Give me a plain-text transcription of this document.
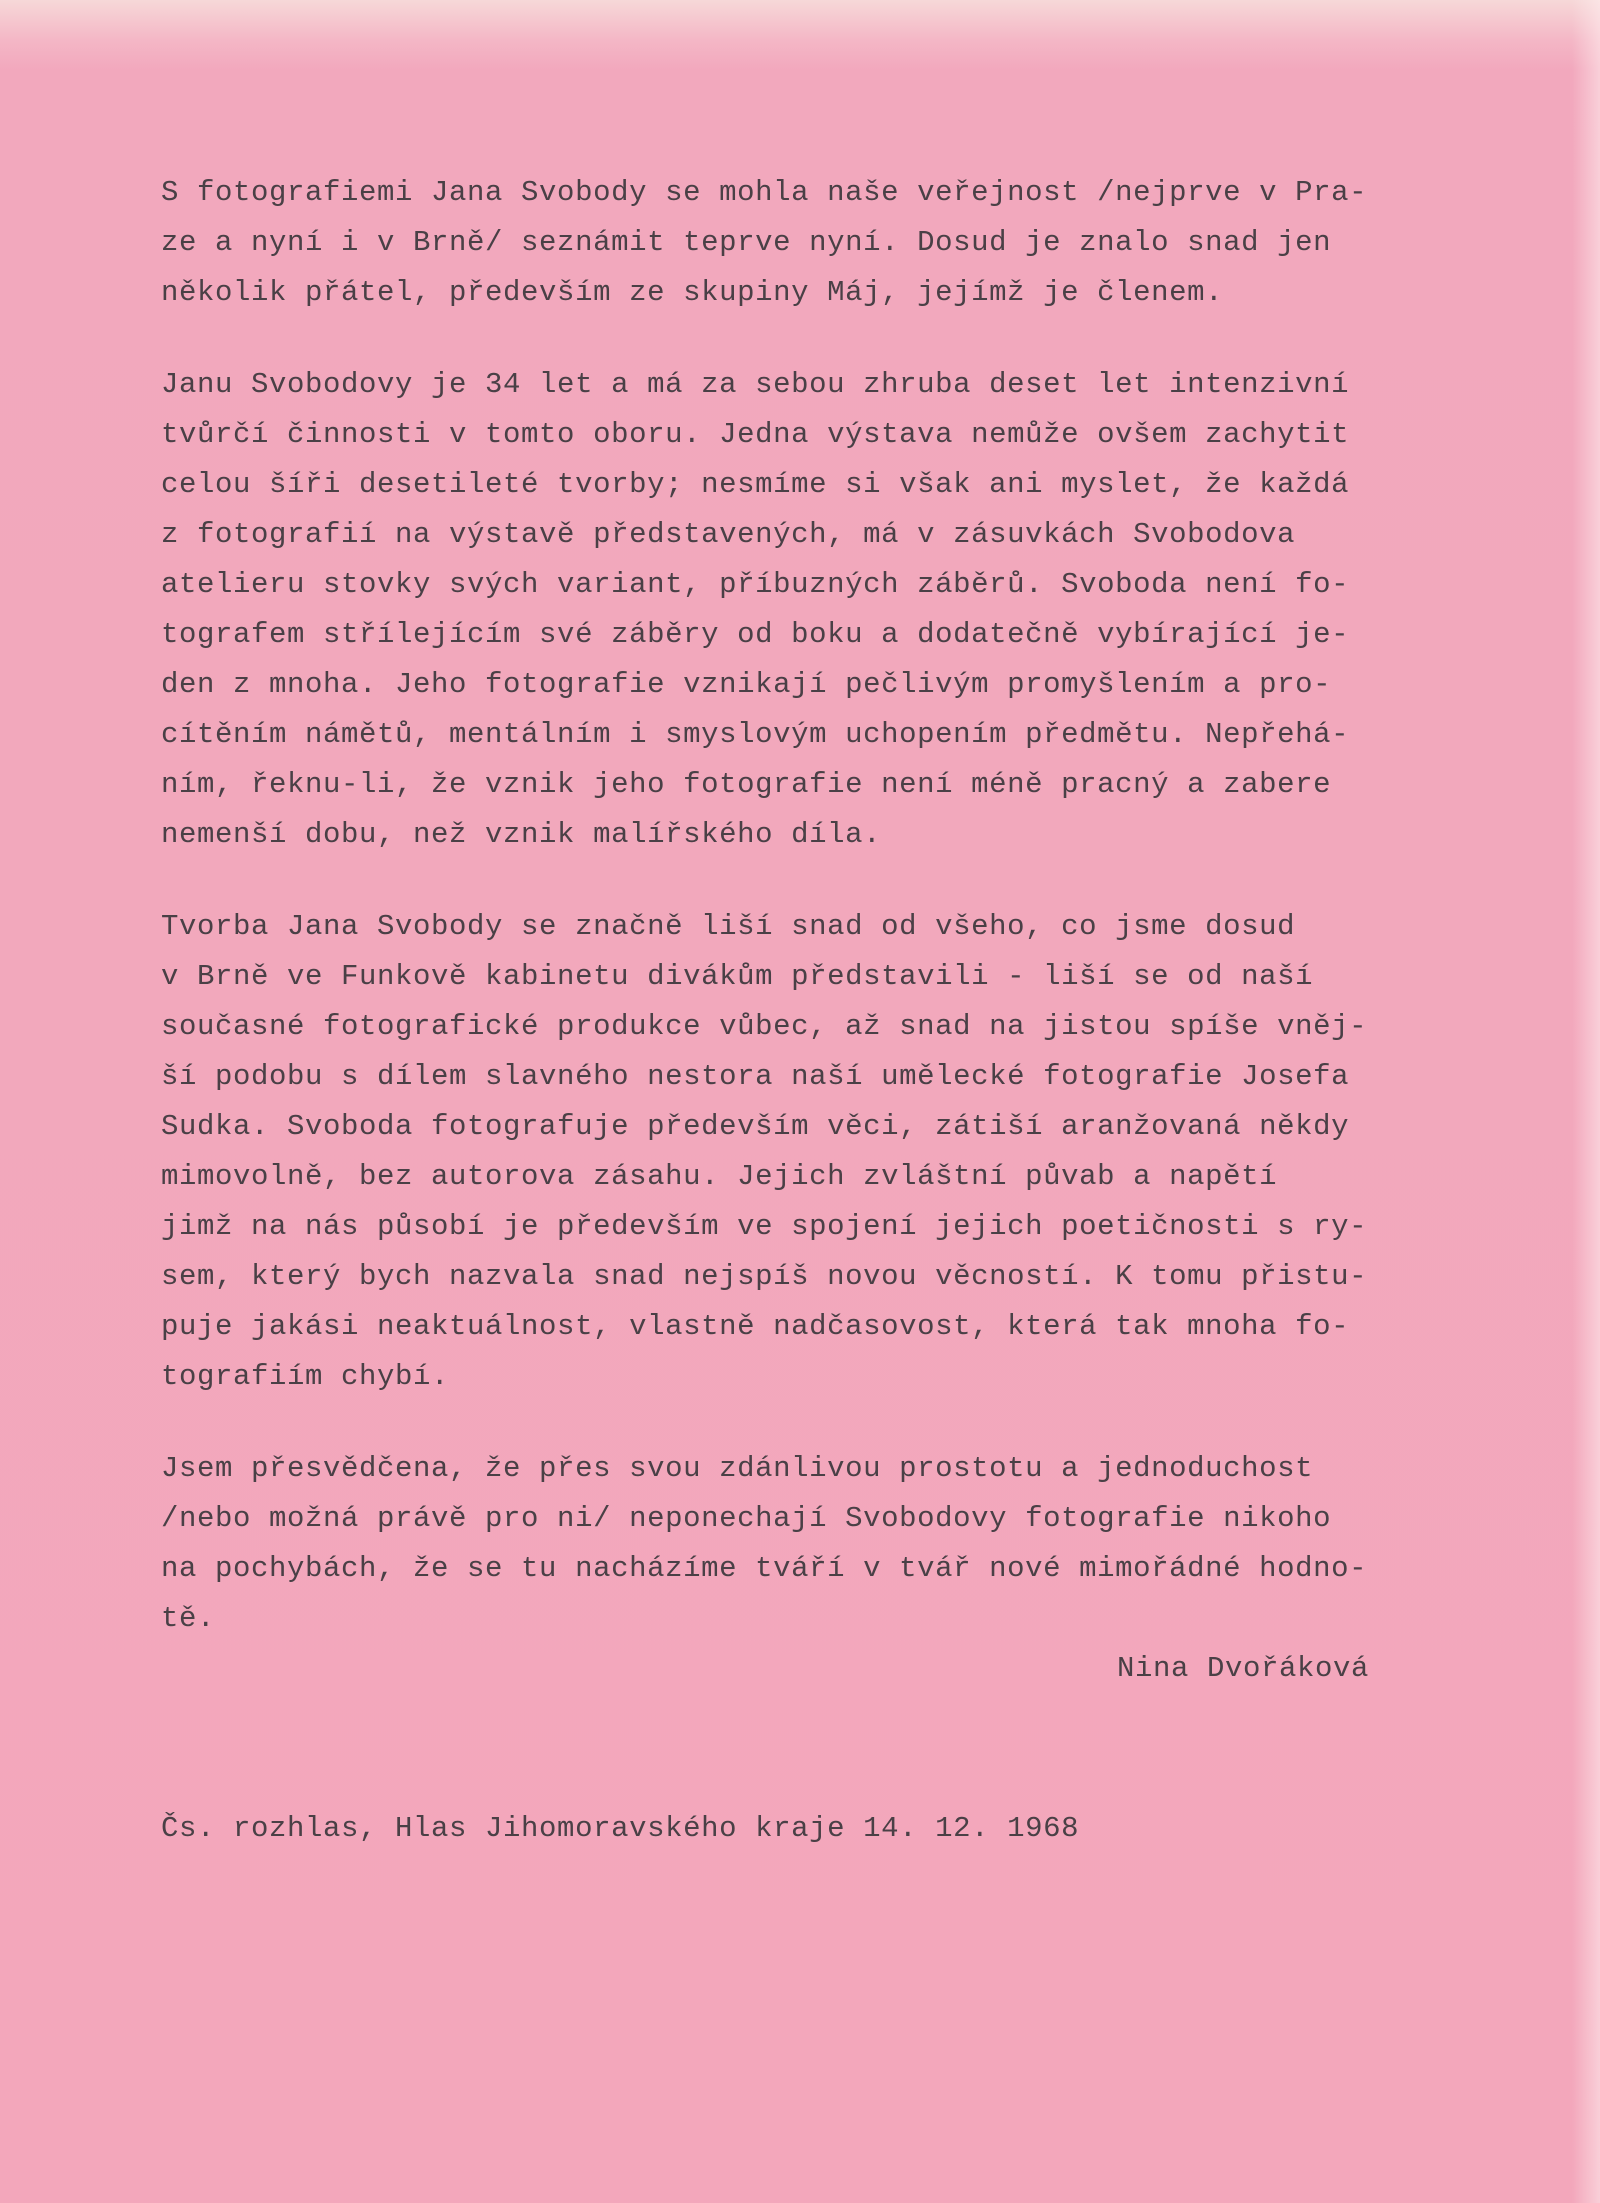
S fotografiemi Jana Svobody se mohla naše veřejnost /nejprve v Pra-
ze a nyní i v Brně/ seznámit teprve nyní. Dosud je znalo snad jen
několik přátel, především ze skupiny Máj, jejímž je členem.
Janu Svobodovy je 34 let a má za sebou zhruba deset let intenzivní
tvůrčí činnosti v tomto oboru. Jedna výstava nemůže ovšem zachytit
celou šíři desetileté tvorby; nesmíme si však ani myslet, že každá
z fotografií na výstavě představených, má v zásuvkách Svobodova
atelieru stovky svých variant, příbuzných záběrů. Svoboda není fo-
tografem střílejícím své záběry od boku a dodatečně vybírající je-
den z mnoha. Jeho fotografie vznikají pečlivým promyšlením a pro-
cítěním námětů, mentálním i smyslovým uchopením předmětu. Nepřehá-
ním, řeknu-li, že vznik jeho fotografie není méně pracný a zabere
nemenší dobu, než vznik malířského díla.
Tvorba Jana Svobody se značně liší snad od všeho, co jsme dosud
v Brně ve Funkově kabinetu divákům představili - liší se od naší
současné fotografické produkce vůbec, až snad na jistou spíše vněj-
ší podobu s dílem slavného nestora naší umělecké fotografie Josefa
Sudka. Svoboda fotografuje především věci, zátiší aranžovaná někdy
mimovolně, bez autorova zásahu. Jejich zvláštní půvab a napětí
jimž na nás působí je především ve spojení jejich poetičnosti s ry-
sem, který bych nazvala snad nejspíš novou věcností. K tomu přistu-
puje jakási neaktuálnost, vlastně nadčasovost, která tak mnoha fo-
tografiím chybí.
Jsem přesvědčena, že přes svou zdánlivou prostotu a jednoduchost
/nebo možná právě pro ni/ neponechají Svobodovy fotografie nikoho
na pochybách, že se tu nacházíme tváří v tvář nové mimořádné hodno-
tě.
Nina Dvořáková
Čs. rozhlas, Hlas Jihomoravského kraje 14. 12. 1968
